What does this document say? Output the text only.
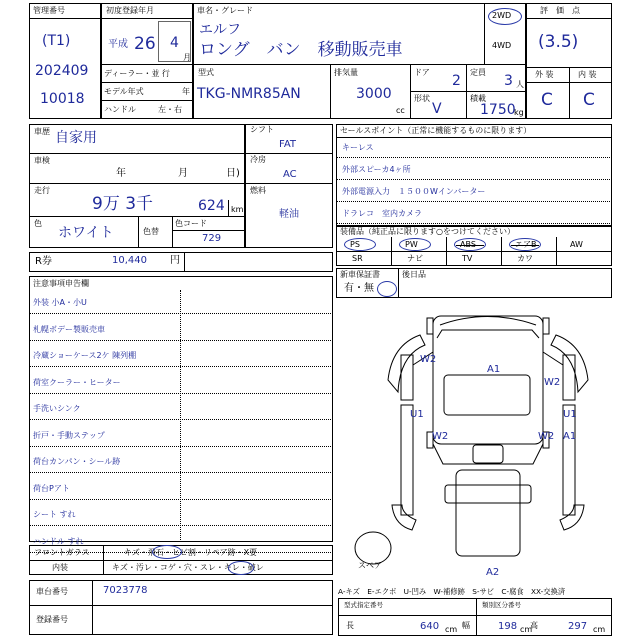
管理番号
(T1)
202409
10018
初度登録年月
平成 26 4
月
ディーラー・並 行
モデル年式	年
ハンドル	左・右
車名・グレード
エルフ
ロング　バン　移動販売車
2WD
4WD
型式
TKG-NMR85AN
排気量
3000
cc
ドア
2
定員
3 人
形状
V
積載
1750
kg
評　価　点
(3.5)
外 装	内 装
C C
車歴 自家用
車検
年	月	日)
走行
9万 3千	624 km
色
ホワイト	色替
色コード
729
シフト
FAT
冷房
AC
燃料
軽油
R券	10,440 円
注意事項申告欄
外装 小A・小U
札幌ボデー製販売車
冷蔵ショーケース2ケ 陳列棚
荷室クーラー・ヒーター
手洗いシンク
折戸・手動ステップ
荷台カンパン・シール跡
荷台Pアト
シート すれ
ハンドル すれ
フロントガラス	キズ・飛石・ヒビ割・リペア跡・X要
内装	キズ・汚レ・コゲ・穴・スレ・キレ・破レ
車台番号	7023778
登録番号
セールスポイント（正常に機能するものに限ります）
キーレス
外部スピーカ4ヶ所
外部電源入力　１５００Wインバーター
ドラレコ　室内カメラ
装備品（純正品に限ります○をつけてください）
PS	PW	ABS	エアB	AW
SR	ナビ	TV	カワ
新車保証書
有・無
後日品
W2
A1
W2
U1	U1
W2	W2 A1
A2
スペア
A-キズ　E-エクボ　U-凹み　W-補修跡　S-サビ　C-腐食　XX-交換済
型式指定番号	類別区分番号
長	640 cm 幅	198 cm
高	297 cm
